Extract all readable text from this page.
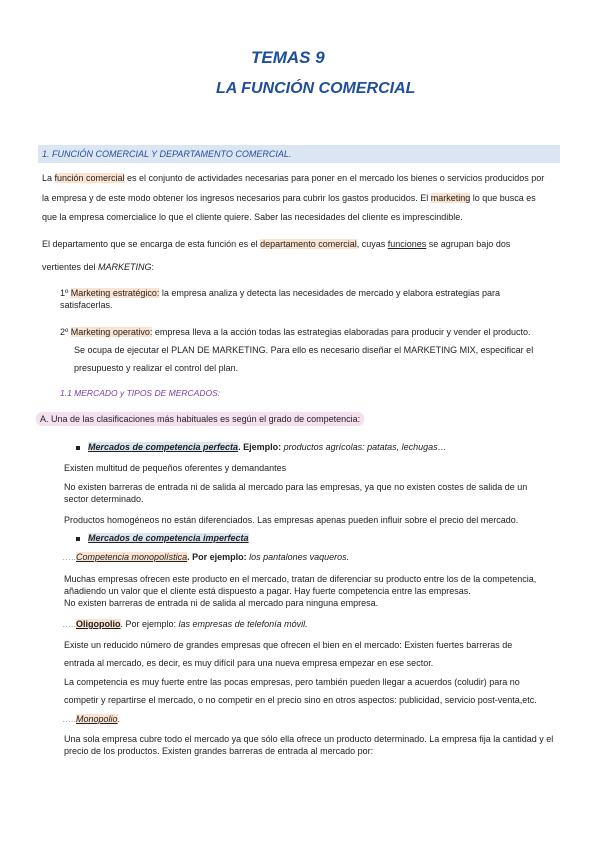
TEMAS 9
LA FUNCIÓN COMERCIAL
1. FUNCIÓN COMERCIAL Y DEPARTAMENTO COMERCIAL.
La función comercial es el conjunto de actividades necesarias para poner en el mercado los bienes o servicios producidos por
la empresa y de este modo obtener los ingresos necesarios para cubrir los gastos producidos. El marketing lo que busca es
que la empresa comercialice lo que el cliente quiere. Saber las necesidades del cliente es imprescindible.
El departamento que se encarga de esta función es el departamento comercial, cuyas funciones se agrupan bajo dos
vertientes del MARKETING:
1º Marketing estratégico: la empresa analiza y detecta las necesidades de mercado y elabora estrategias para
satisfacerlas.
2º Marketing operativo: empresa lleva a la acción todas las estrategias elaboradas para producir y vender el producto.
Se ocupa de ejecutar el PLAN DE MARKETING. Para ello es necesario diseñar el MARKETING MIX, especificar el
presupuesto y realizar el control del plan.
1.1 MERCADO y TIPOS DE MERCADOS:
A. Una de las clasificaciones más habituales es según el grado de competencia:
Mercados de competencia perfecta. Ejemplo: productos agrícolas: patatas, lechugas…
Existen multitud de pequeños oferentes y demandantes
No existen barreras de entrada ni de salida al mercado para las empresas, ya que no existen costes de salida de un
sector determinado.
Productos homogéneos no están diferenciados. Las empresas apenas pueden influir sobre el precio del mercado.
Mercados de competencia imperfecta
…..Competencia monopolística. Por ejemplo: los pantalones vaqueros.
Muchas empresas ofrecen este producto en el mercado, tratan de diferenciar su producto entre los de la competencia,
añadiendo un valor que el cliente está dispuesto a pagar. Hay fuerte competencia entre las empresas.
No existen barreras de entrada ni de salida al mercado para ninguna empresa.
…..Oligopolio. Por ejemplo: las empresas de telefonía móvil.
Existe un reducido número de grandes empresas que ofrecen el bien en el mercado: Existen fuertes barreras de
entrada al mercado, es decir, es muy difícil para una nueva empresa empezar en ese sector.
La competencia es muy fuerte entre las pocas empresas, pero también pueden llegar a acuerdos (coludir) para no
competir y repartirse el mercado, o no competir en el precio sino en otros aspectos: publicidad, servicio post-venta,etc.
…..Monopolio.
Una sola empresa cubre todo el mercado ya que sólo ella ofrece un producto determinado. La empresa fija la cantidad y el
precio de los productos. Existen grandes barreras de entrada al mercado por:
